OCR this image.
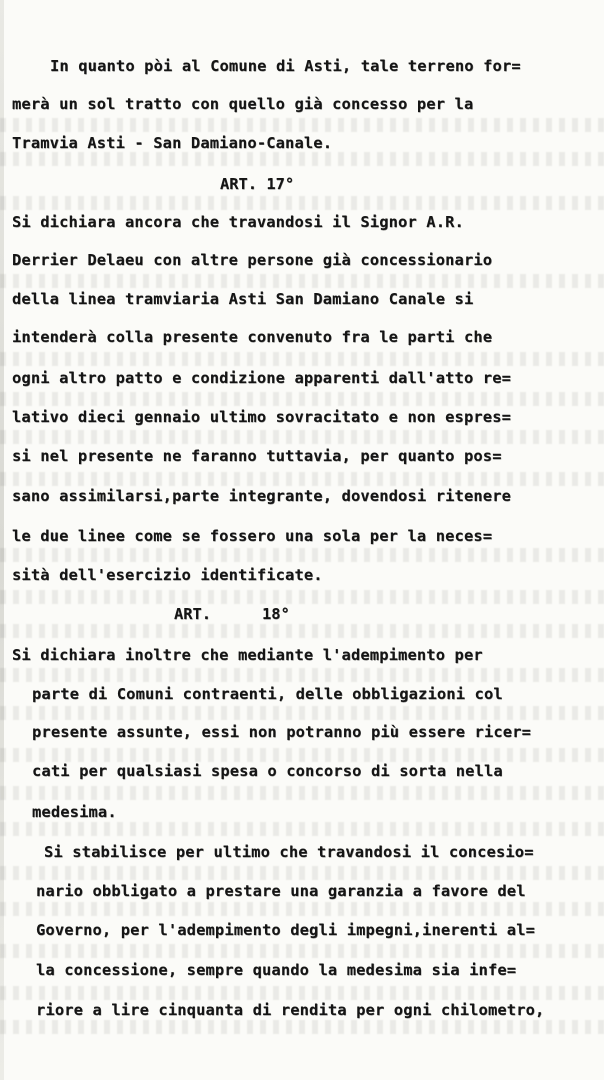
In quanto pòi al Comune di Asti, tale terreno for=
merà un sol tratto con quello già concesso per la
Tramvia Asti - San Damiano-Canale.
ART. 17°
Si dichiara ancora che travandosi il Signor A.R.
Derrier Delaeu con altre persone già concessionario
della linea tramviaria Asti San Damiano Canale si
intenderà colla presente convenuto fra le parti che
ogni altro patto e condizione apparenti dall'atto re=
lativo dieci gennaio ultimo sovracitato e non espres=
si nel presente ne faranno tuttavia, per quanto pos=
sano assimilarsi,parte integrante, dovendosi ritenere
le due linee come se fossero una sola per la neces=
sità dell'esercizio identificate.
ART.	18°
Si dichiara inoltre che mediante l'adempimento per
parte di Comuni contraenti, delle obbligazioni col
presente assunte, essi non potranno più essere ricer=
cati per qualsiasi spesa o concorso di sorta nella
medesima.
Si stabilisce per ultimo che travandosi il concesio=
nario obbligato a prestare una garanzia a favore del
Governo, per l'adempimento degli impegni,inerenti al=
la concessione, sempre quando la medesima sia infe=
riore a lire cinquanta di rendita per ogni chilometro,
